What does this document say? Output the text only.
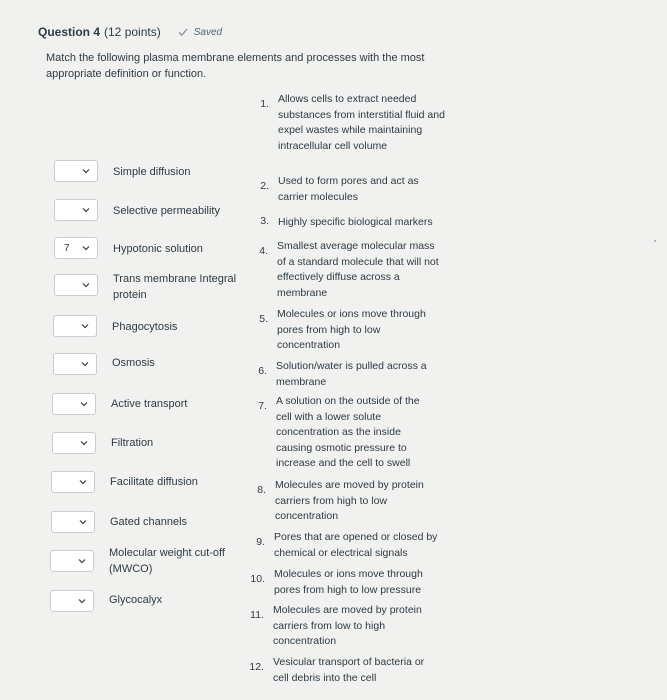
Question 4 (12 points)	Saved
Match the following plasma membrane elements and processes with the most appropriate definition or function.
Simple diffusion
Selective permeability
7	Hypotonic solution
Trans membrane Integral protein
Phagocytosis
Osmosis
Active transport
Filtration
Facilitate diffusion
Gated channels
Molecular weight cut-off (MWCO)
Glycocalyx
1. Allows cells to extract needed substances from interstitial fluid and expel wastes while maintaining intracellular cell volume
2. Used to form pores and act as carrier molecules
3. Highly specific biological markers
4. Smallest average molecular mass of a standard molecule that will not effectively diffuse across a membrane
5. Molecules or ions move through pores from high to low concentration
6. Solution/water is pulled across a membrane
7. A solution on the outside of the cell with a lower solute concentration as the inside causing osmotic pressure to increase and the cell to swell
8. Molecules are moved by protein carriers from high to low concentration
9. Pores that are opened or closed by chemical or electrical signals
10. Molecules or ions move through pores from high to low pressure
11. Molecules are moved by protein carriers from low to high concentration
12. Vesicular transport of bacteria or cell debris into the cell
